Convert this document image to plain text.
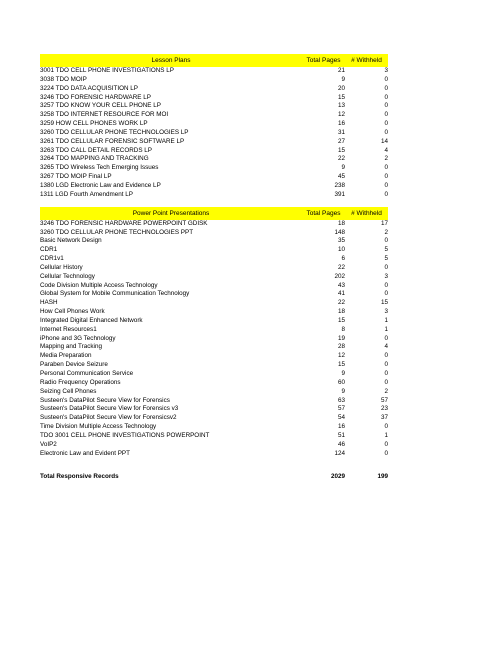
Lesson Plans	Total Pages	# Withheld
3001 TDO CELL PHONE INVESTIGATIONS LP	21	3
3038 TDO MOIP	9	0
3224 TDO DATA ACQUISITION LP	20	0
3246 TDO FORENSIC HARDWARE LP	15	0
3257 TDO KNOW YOUR CELL PHONE LP	13	0
3258 TDO INTERNET RESOURCE FOR MOI	12	0
3259 HOW CELL PHONES WORK LP	16	0
3260 TDO CELLULAR PHONE TECHNOLOGIES LP	31	0
3261 TDO CELLULAR FORENSIC SOFTWARE LP	27	14
3263 TDO CALL DETAIL RECORDS LP	15	4
3264 TDO MAPPING AND TRACKING	22	2
3265 TDO Wireless Tech Emerging Issues	9	0
3267 TDO MOIP Final LP	45	0
1380 LGD Electronic Law and Evidence LP	238	0
1311 LGD Fourth Amendment LP	391	0
Power Point Presentations	Total Pages	# Withheld
3246 TDO FORENSIC HARDWARE POWERPOINT GDISK	18	17
3260 TDO CELLULAR PHONE TECHNOLOGIES PPT	148	2
Basic Network Design	35	0
CDR1	10	5
CDR1v1	6	5
Cellular History	22	0
Cellular Technology	202	3
Code Division Multiple Access Technology	43	0
Global System for Mobile Communication Technology	41	0
HASH	22	15
How Cell Phones Work	18	3
Integrated Digital Enhanced Network	15	1
Internet Resources1	8	1
iPhone and 3G Technology	19	0
Mapping and Tracking	28	4
Media Preparation	12	0
Paraben Device Seizure	15	0
Personal Communication Service	9	0
Radio Frequency Operations	60	0
Seizing Cell Phones	9	2
Susteen's DataPilot Secure View for Forensics	63	57
Susteen's DataPilot Secure View for Forensics v3	57	23
Susteen's DataPilot Secure View for Forensicsv2	54	37
Time Division Multiple Access Technology	16	0
TDO 3001 CELL PHONE INVESTIGATIONS POWERPOINT	51	1
VoIP2	46	0
Electronic Law and Evident PPT	124	0
Total Responsive Records	2029	199
